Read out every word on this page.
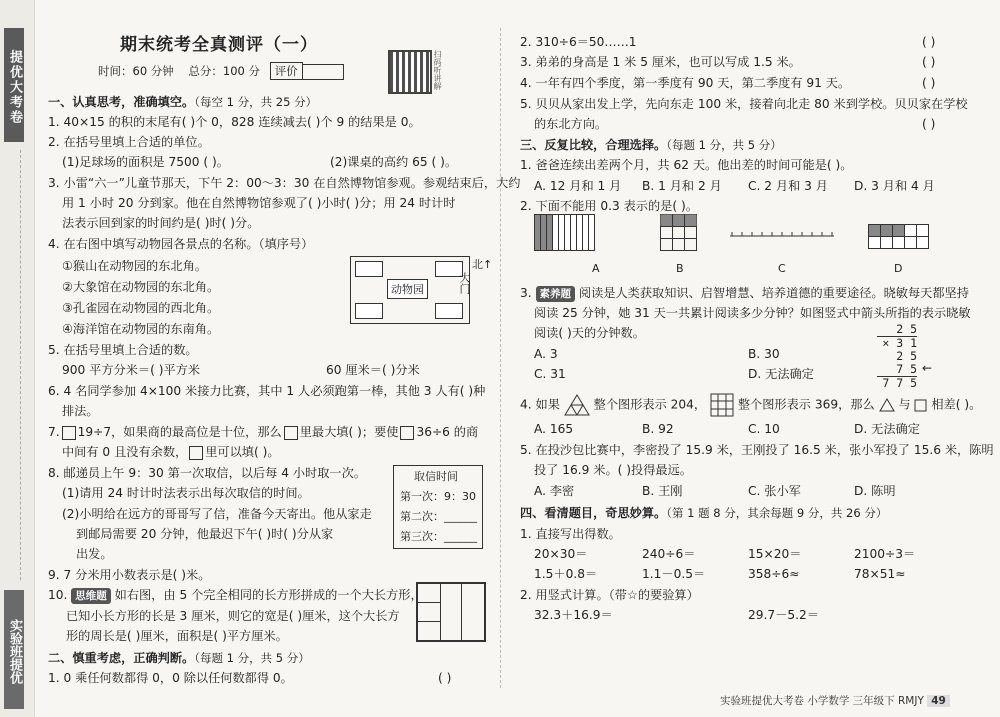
提优大考卷
实验班提优
期末统考全真测评（一）
时间：60 分钟 总分：100 分 评价	扫码听讲解
一、认真思考，准确填空。（每空 1 分，共 25 分）
1. 40×15 的积的末尾有( )个 0，828 连续减去( )个 9 的结果是 0。
2. 在括号里填上合适的单位。
(1)足球场的面积是 7500 ( )。	(2)课桌的高约 65 ( )。
3. 小雷“六一”儿童节那天，下午 2：00～3：30 在自然博物馆参观。参观结束后，大约
用 1 小时 20 分到家。他在自然博物馆参观了( )小时( )分；用 24 时计时
法表示回到家的时间约是( )时( )分。
4. 在右图中填写动物园各景点的名称。（填序号）
①猴山在动物园的东北角。
②大象馆在动物园的东北角。
③孔雀园在动物园的西北角。
④海洋馆在动物园的东南角。
5. 在括号里填上合适的数。
900 平方分米＝( )平方米	60 厘米＝( )分米
6. 4 名同学参加 4×100 米接力比赛，其中 1 人必须跑第一棒，其他 3 人有( )种
排法。
7. 19÷7，如果商的最高位是十位，那么 里最大填( )；要使 36÷6 的商
中间有 0 且没有余数， 里可以填( )。
8. 邮递员上午 9：30 第一次取信，以后每 4 小时取一次。
(1)请用 24 时计时法表示出每次取信的时间。
(2)小明给在远方的哥哥写了信，准备今天寄出。他从家走
到邮局需要 20 分钟，他最迟下午( )时( )分从家
出发。
9. 7 分米用小数表示是( )米。
10. 思维题 如右图，由 5 个完全相同的长方形拼成的一个大长方形，
已知小长方形的长是 3 厘米，则它的宽是( )厘米，这个大长方
形的周长是( )厘米，面积是( )平方厘米。
二、慎重考虑，正确判断。（每题 1 分，共 5 分）
1. 0 乘任何数都得 0，0 除以任何数都得 0。	( )
动物园
北↑
大门
取信时间
第一次：9：30
第二次：______
第三次：______
2. 310÷6＝50……1	( )
3. 弟弟的身高是 1 米 5 厘米，也可以写成 1.5 米。	( )
4. 一年有四个季度，第一季度有 90 天，第二季度有 91 天。	( )
5. 贝贝从家出发上学，先向东走 100 米，接着向北走 80 米到学校。贝贝家在学校
的东北方向。	( )
三、反复比较，合理选择。（每题 1 分，共 5 分）
1. 爸爸连续出差两个月，共 62 天。他出差的时间可能是( )。
A. 12 月和 1 月 B. 1 月和 2 月 C. 2 月和 3 月 D. 3 月和 4 月
2. 下面不能用 0.3 表示的是( )。
3. 素养题 阅读是人类获取知识、启智增慧、培养道德的重要途径。晓敏每天都坚持
阅读 25 分钟，她 31 天一共累计阅读多少分钟？如图竖式中箭头所指的表示晓敏
阅读( )天的分钟数。
A. 3	B. 30
C. 31	D. 无法确定
4. 如果	整个图形表示 204，	整个图形表示 369，那么 与 相差( )。
A. 165	B. 92	C. 10	D. 无法确定
5. 在投沙包比赛中，李密投了 15.9 米，王刚投了 16.5 米，张小军投了 15.6 米，陈明
投了 16.9 米。( )投得最远。
A. 李密	B. 王刚	C. 张小军	D. 陈明
四、看清题目，奇思妙算。（第 1 题 8 分，其余每题 9 分，共 26 分）
1. 直接写出得数。
20×30＝	240÷6＝	15×20＝	2100÷3＝
1.5＋0.8＝	1.1－0.5＝	358÷6≈	78×51≈
2. 用竖式计算。（带☆的要验算）
32.3＋16.9＝	29.7－5.2＝
A	B	C	D
2 5
× 3 1
2 5
7 5
7 7 5
←
实验班提优大考卷 小学数学 三年级下 RMJY 49
